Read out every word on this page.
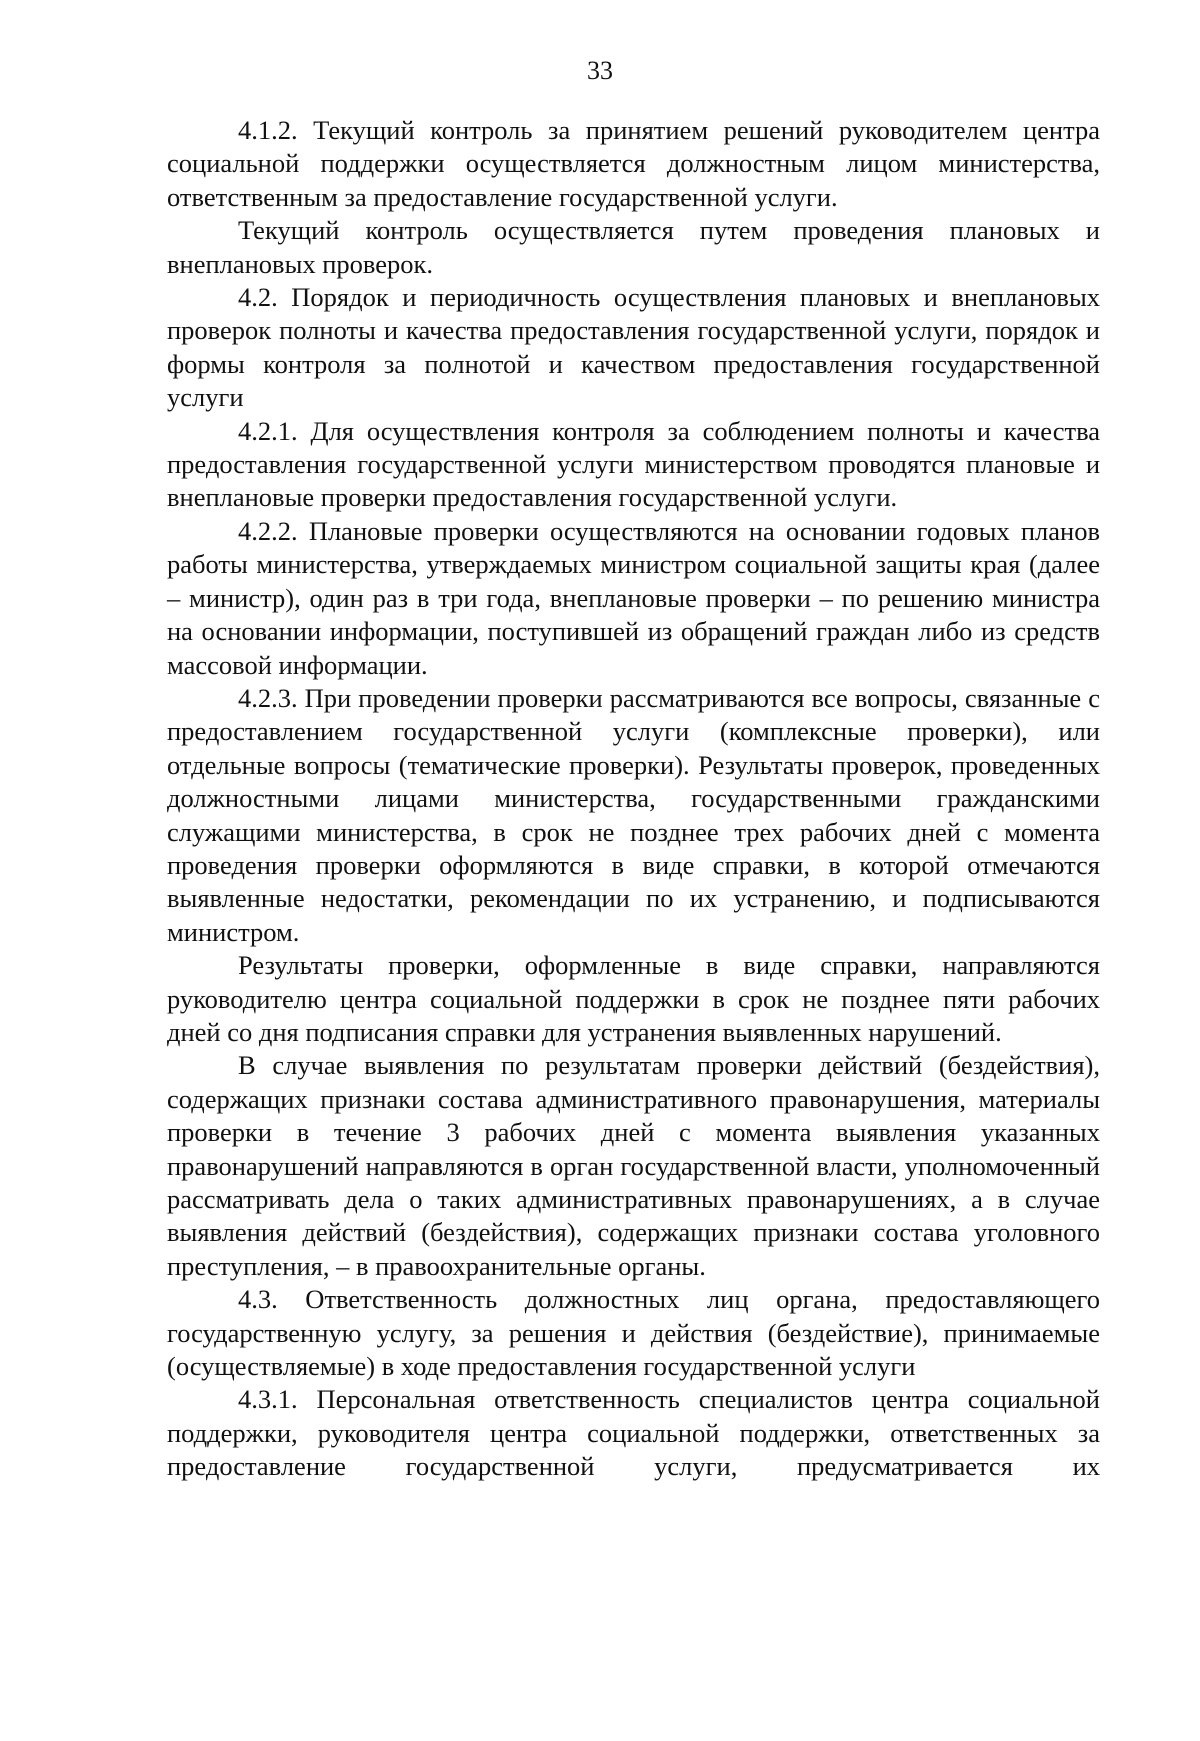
33

4.1.2. Текущий контроль за принятием решений руководителем центра социальной поддержки осуществляется должностным лицом министерства, ответственным за предоставление государственной услуги.

Текущий контроль осуществляется путем проведения плановых и внеплановых проверок.

4.2. Порядок и периодичность осуществления плановых и внеплановых проверок полноты и качества предоставления государственной услуги, порядок и формы контроля за полнотой и качеством предоставления государственной услуги

4.2.1. Для осуществления контроля за соблюдением полноты и качества предоставления государственной услуги министерством проводятся плановые и внеплановые проверки предоставления государственной услуги.

4.2.2. Плановые проверки осуществляются на основании годовых планов работы министерства, утверждаемых министром социальной защиты края (далее – министр), один раз в три года, внеплановые проверки – по решению министра на основании информации, поступившей из обращений граждан либо из средств массовой информации.

4.2.3. При проведении проверки рассматриваются все вопросы, связанные с предоставлением государственной услуги (комплексные проверки), или отдельные вопросы (тематические проверки). Результаты проверок, проведенных должностными лицами министерства, государственными гражданскими служащими министерства, в срок не позднее трех рабочих дней с момента проведения проверки оформляются в виде справки, в которой отмечаются выявленные недостатки, рекомендации по их устранению, и подписываются министром.

Результаты проверки, оформленные в виде справки, направляются руководителю центра социальной поддержки в срок не позднее пяти рабочих дней со дня подписания справки для устранения выявленных нарушений.

В случае выявления по результатам проверки действий (бездействия), содержащих признаки состава административного правонарушения, материалы проверки в течение 3 рабочих дней с момента выявления указанных правонарушений направляются в орган государственной власти, уполномоченный рассматривать дела о таких административных правонарушениях, а в случае выявления действий (бездействия), содержащих признаки состава уголовного преступления, – в правоохранительные органы.

4.3. Ответственность должностных лиц органа, предоставляющего государственную услугу, за решения и действия (бездействие), принимаемые (осуществляемые) в ходе предоставления государственной услуги

4.3.1. Персональная ответственность специалистов центра социальной поддержки, руководителя центра социальной поддержки, ответственных за предоставление государственной услуги, предусматривается их
